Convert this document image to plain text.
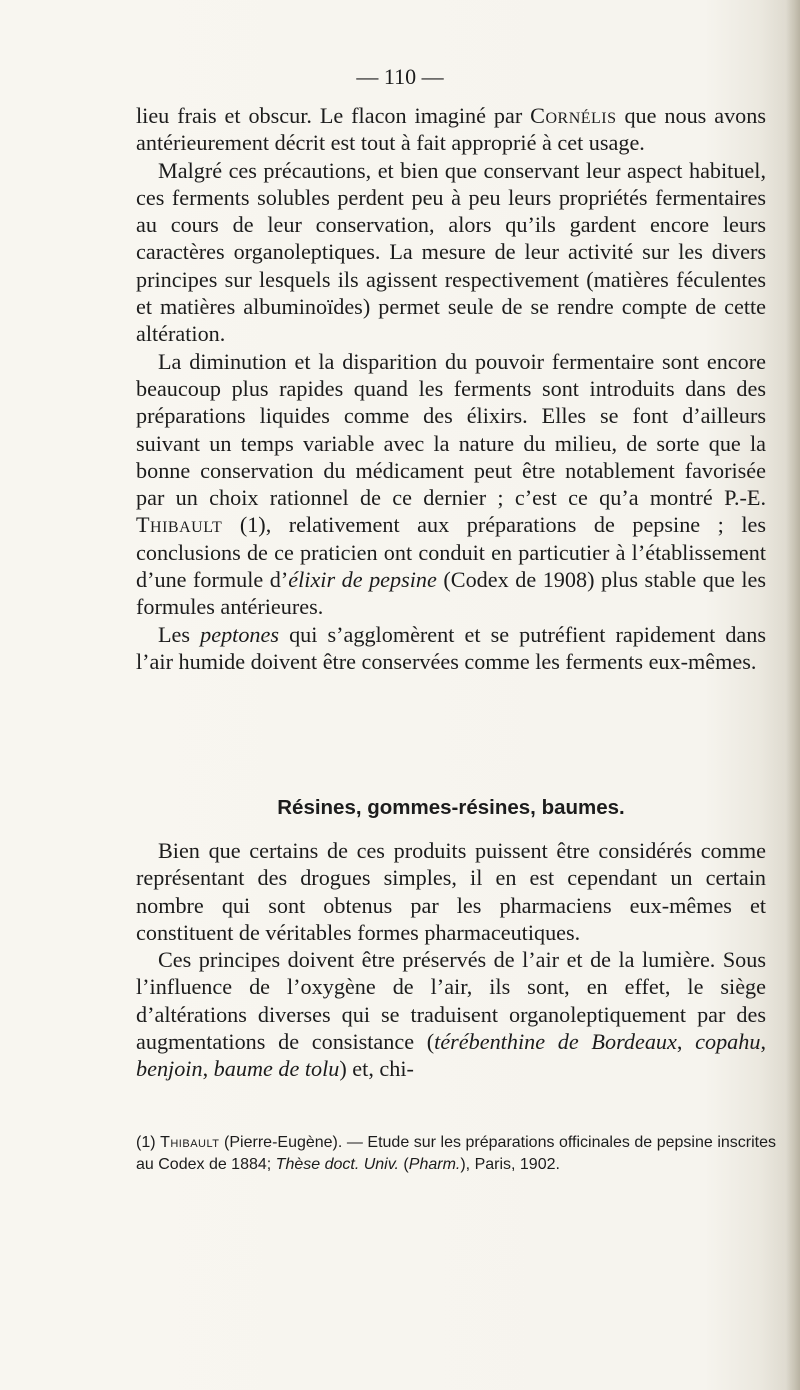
— 110 —

lieu frais et obscur. Le flacon imaginé par Cornélis que nous avons antérieurement décrit est tout à fait approprié à cet usage.

Malgré ces précautions, et bien que conservant leur aspect habituel, ces ferments solubles perdent peu à peu leurs propriétés fermentaires au cours de leur conservation, alors qu’ils gardent encore leurs caractères organoleptiques. La mesure de leur activité sur les divers principes sur lesquels ils agissent respectivement (matières féculentes et matières albuminoïdes) permet seule de se rendre compte de cette altération.

La diminution et la disparition du pouvoir fermentaire sont encore beaucoup plus rapides quand les ferments sont introduits dans des préparations liquides comme des élixirs. Elles se font d’ailleurs suivant un temps variable avec la nature du milieu, de sorte que la bonne conservation du médicament peut être notablement favorisée par un choix rationnel de ce dernier ; c’est ce qu’a montré P.-E. Thibault (1), relativement aux préparations de pepsine ; les conclusions de ce praticien ont conduit en particutier à l’établissement d’une formule d’élixir de pepsine (Codex de 1908) plus stable que les formules antérieures.

Les peptones qui s’agglomèrent et se putréfient rapidement dans l’air humide doivent être conservées comme les ferments eux-mêmes.

Résines, gommes-résines, baumes.

Bien que certains de ces produits puissent être considérés comme représentant des drogues simples, il en est cependant un certain nombre qui sont obtenus par les pharmaciens eux-mêmes et constituent de véritables formes pharmaceutiques.

Ces principes doivent être préservés de l’air et de la lumière. Sous l’influence de l’oxygène de l’air, ils sont, en effet, le siège d’altérations diverses qui se traduisent organoleptiquement par des augmentations de consistance (térébenthine de Bordeaux, copahu, benjoin, baume de tolu) et, chi-

(1) Thibault (Pierre-Eugène). — Etude sur les préparations officinales de pepsine inscrites au Codex de 1884; Thèse doct. Univ. (Pharm.), Paris, 1902.
